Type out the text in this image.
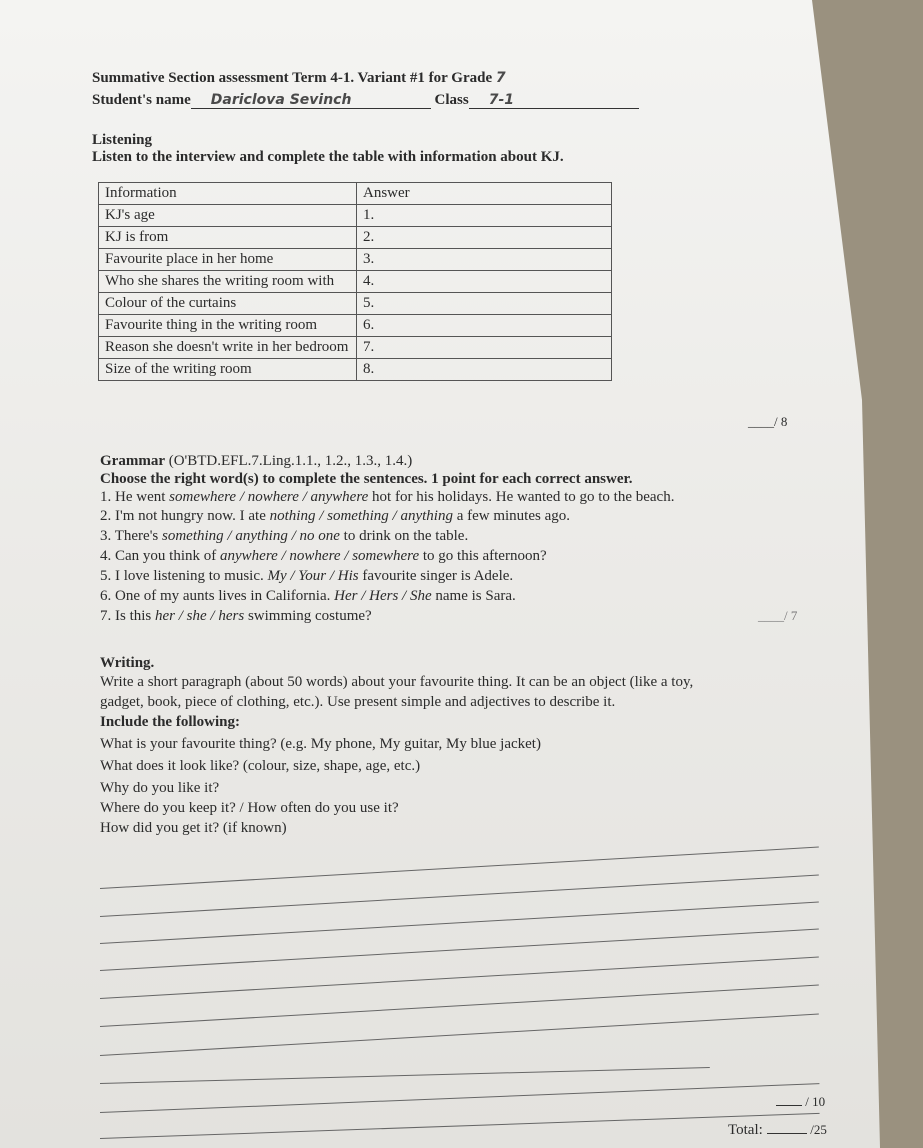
Summative Section assessment Term 4-1. Variant #1 for Grade 7
Student's name Dariclova Sevinch	Class 7-1
Listening
Listen to the interview and complete the table with information about KJ.
Information	Answer
KJ's age	1.
KJ is from	2.
Favourite place in her home	3.
Who she shares the writing room with	4.
Colour of the curtains	5.
Favourite thing in the writing room	6.
Reason she doesn't write in her bedroom	7.
Size of the writing room	8.
____/ 8
Grammar (O'BTD.EFL.7.Ling.1.1., 1.2., 1.3., 1.4.)
Choose the right word(s) to complete the sentences. 1 point for each correct answer.
1. He went somewhere / nowhere / anywhere hot for his holidays. He wanted to go to the beach.
2. I'm not hungry now. I ate nothing / something / anything a few minutes ago.
3. There's something / anything / no one to drink on the table.
4. Can you think of anywhere / nowhere / somewhere to go this afternoon?
5. I love listening to music. My / Your / His favourite singer is Adele.
6. One of my aunts lives in California. Her / Hers / She name is Sara.
7. Is this her / she / hers swimming costume?	____/ 7
Writing.
Write a short paragraph (about 50 words) about your favourite thing. It can be an object (like a toy,
gadget, book, piece of clothing, etc.). Use present simple and adjectives to describe it.
Include the following:
What is your favourite thing? (e.g. My phone, My guitar, My blue jacket)
What does it look like? (colour, size, shape, age, etc.)
Why do you like it?
Where do you keep it? / How often do you use it?
How did you get it? (if known)
/ 10
Total:	/25
